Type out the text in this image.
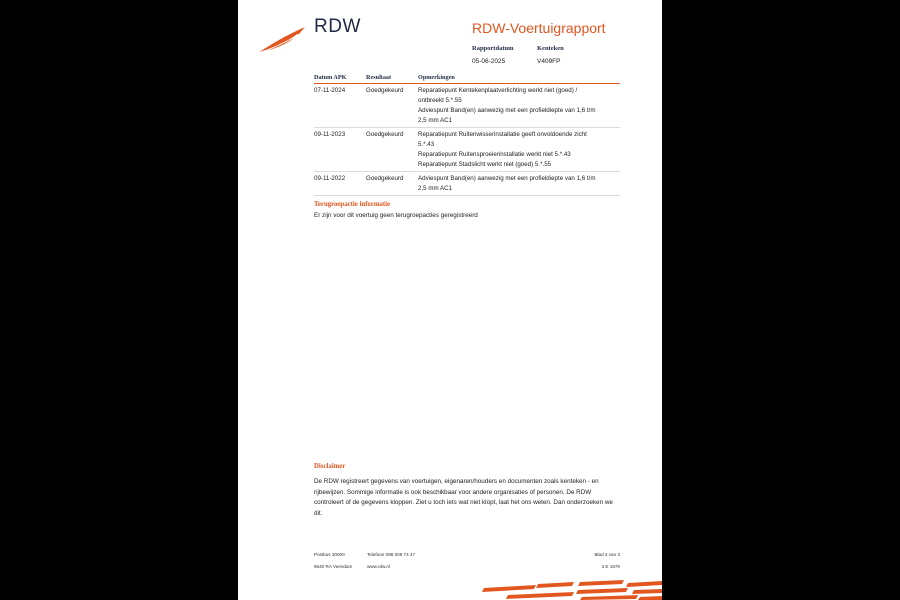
RDW	RDW-Voertuigrapport
Rapportdatum
05-06-2025
Kenteken
V409FP
Datum APK	Resultaat	Opmerkingen
07-11-2024	Goedgekeurd	Reparatiepunt Kentekenplaatverlichting werkt niet (goed) /
ontbreekt 5.*.55
Adviespunt Band(en) aanwezig met een profieldiepte van 1,6 t/m
2,5 mm AC1

09-11-2023	Goedgekeurd	Reparatiepunt Ruitenwisserinstallatie geeft onvoldoende zicht
5.*.43
Reparatiepunt Ruitensproeierinstallatie werkt niet 5.*.43
Reparatiepunt Stadslicht werkt niet (goed) 5.*.55

09-11-2022	Goedgekeurd	Adviespunt Band(en) aanwezig met een profieldiepte van 1,6 t/m
2,5 mm AC1
Terugroepactie informatie
Er zijn voor dit voertuig geen terugroepacties geregistreerd
Disclaimer
De RDW registreert gegevens van voertuigen, eigenaren/houders en documenten zoals kenteken - en rijbewijzen. Sommige informatie is ook beschikbaar voor andere organisaties of personen. De RDW controleert of de gegevens kloppen. Ziet u toch iets wat niet klopt, laat het ons weten. Dan onderzoeken we dit.
Postbus 30000
9640 RA Veendam
Telefoon 088 008 74 47
www.rdw.nl
Blad 3 van 3
3 E 1679
